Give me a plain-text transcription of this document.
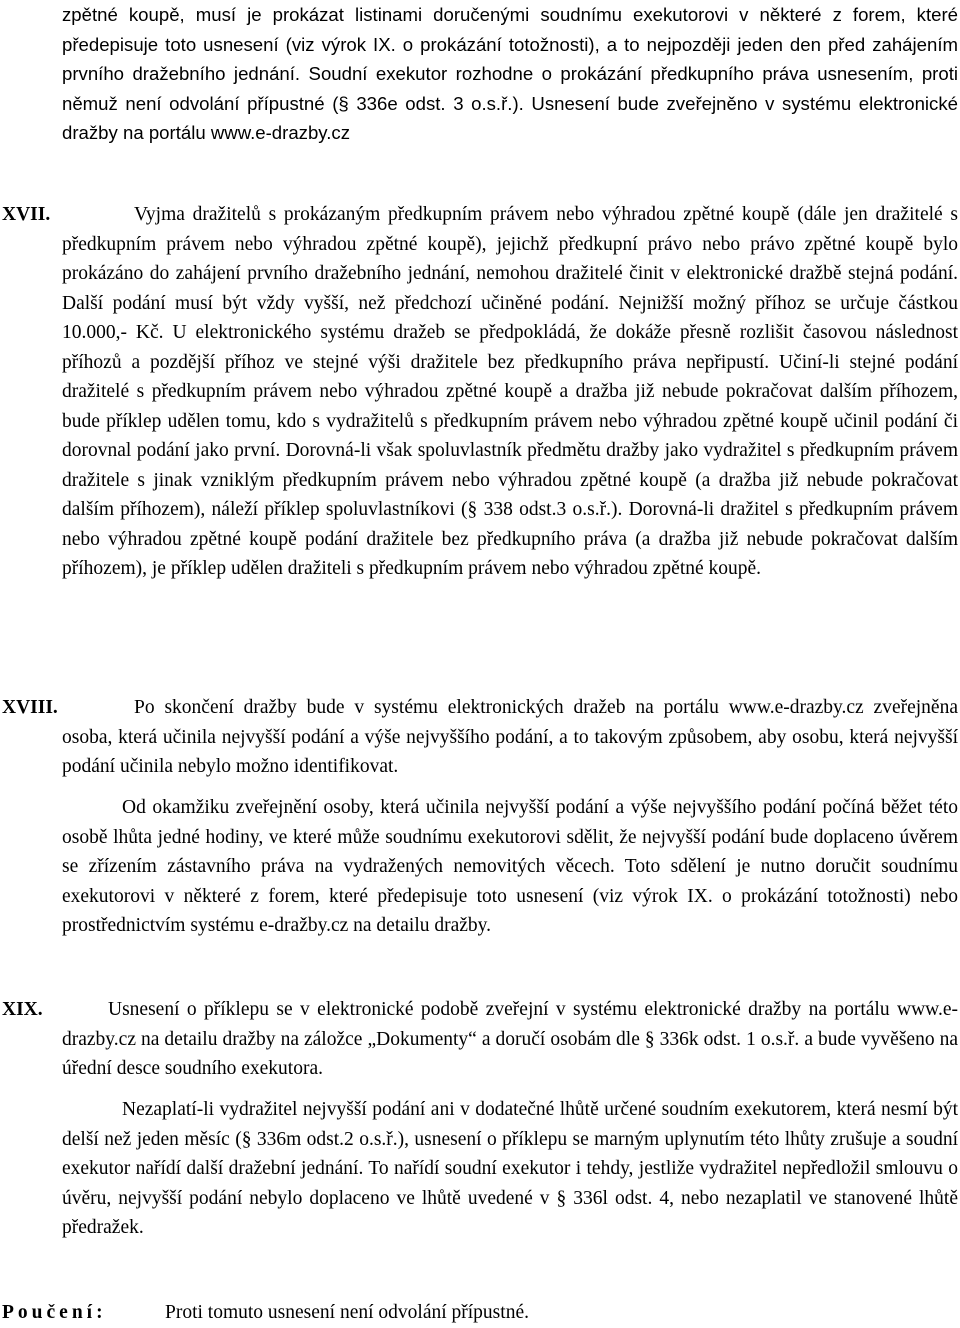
zpětné koupě, musí je prokázat listinami doručenými soudnímu exekutorovi v některé z forem, které předepisuje toto usnesení (viz výrok IX. o prokázání totožnosti), a to nejpozději jeden den před zahájením prvního dražebního jednání. Soudní exekutor rozhodne o prokázání předkupního práva usnesením, proti němuž není odvolání přípustné (§ 336e odst. 3 o.s.ř.). Usnesení bude zveřejněno v systému elektronické dražby na portálu www.e-drazby.cz

XVII.	Vyjma dražitelů s prokázaným předkupním právem nebo výhradou zpětné koupě (dále jen dražitelé s předkupním právem nebo výhradou zpětné koupě), jejichž předkupní právo nebo právo zpětné koupě bylo prokázáno do zahájení prvního dražebního jednání, nemohou dražitelé činit v elektronické dražbě stejná podání. Další podání musí být vždy vyšší, než předchozí učiněné podání. Nejnižší možný příhoz se určuje částkou 10.000,- Kč. U elektronického systému dražeb se předpokládá, že dokáže přesně rozlišit časovou následnost příhozů a pozdější příhoz ve stejné výši dražitele bez předkupního práva nepřipustí. Učiní-li stejné podání dražitelé s předkupním právem nebo výhradou zpětné koupě a dražba již nebude pokračovat dalším příhozem, bude příklep udělen tomu, kdo s vydražitelů s předkupním právem nebo výhradou zpětné koupě učinil podání či dorovnal podání jako první. Dorovná-li však spoluvlastník předmětu dražby jako vydražitel s předkupním právem dražitele s jinak vzniklým předkupním právem nebo výhradou zpětné koupě (a dražba již nebude pokračovat dalším příhozem), náleží příklep spoluvlastníkovi (§ 338 odst.3 o.s.ř.). Dorovná-li dražitel s předkupním právem nebo výhradou zpětné koupě podání dražitele bez předkupního práva (a dražba již nebude pokračovat dalším příhozem), je příklep udělen dražiteli s předkupním právem nebo výhradou zpětné koupě.

XVIII.	Po skončení dražby bude v systému elektronických dražeb na portálu www.e-drazby.cz zveřejněna osoba, která učinila nejvyšší podání a výše nejvyššího podání, a to takovým způsobem, aby osobu, která nejvyšší podání učinila nebylo možno identifikovat.

Od okamžiku zveřejnění osoby, která učinila nejvyšší podání a výše nejvyššího podání počíná běžet této osobě lhůta jedné hodiny, ve které může soudnímu exekutorovi sdělit, že nejvyšší podání bude doplaceno úvěrem se zřízením zástavního práva na vydražených nemovitých věcech. Toto sdělení je nutno doručit soudnímu exekutorovi v některé z forem, které předepisuje toto usnesení (viz výrok IX. o prokázání totožnosti) nebo prostřednictvím systému e-dražby.cz na detailu dražby.

XIX.	Usnesení o příklepu se v elektronické podobě zveřejní v systému elektronické dražby na portálu www.e-drazby.cz na detailu dražby na záložce „Dokumenty“ a doručí osobám dle § 336k odst. 1 o.s.ř. a bude vyvěšeno na úřední desce soudního exekutora.

Nezaplatí-li vydražitel nejvyšší podání ani v dodatečné lhůtě určené soudním exekutorem, která nesmí být delší než jeden měsíc (§ 336m odst.2 o.s.ř.), usnesení o příklepu se marným uplynutím této lhůty zrušuje a soudní exekutor nařídí další dražební jednání. To nařídí soudní exekutor i tehdy, jestliže vydražitel nepředložil smlouvu o úvěru, nejvyšší podání nebylo doplaceno ve lhůtě uvedené v § 336l odst. 4, nebo nezaplatil ve stanovené lhůtě předražek.

Poučení:	Proti tomuto usnesení není odvolání přípustné.
